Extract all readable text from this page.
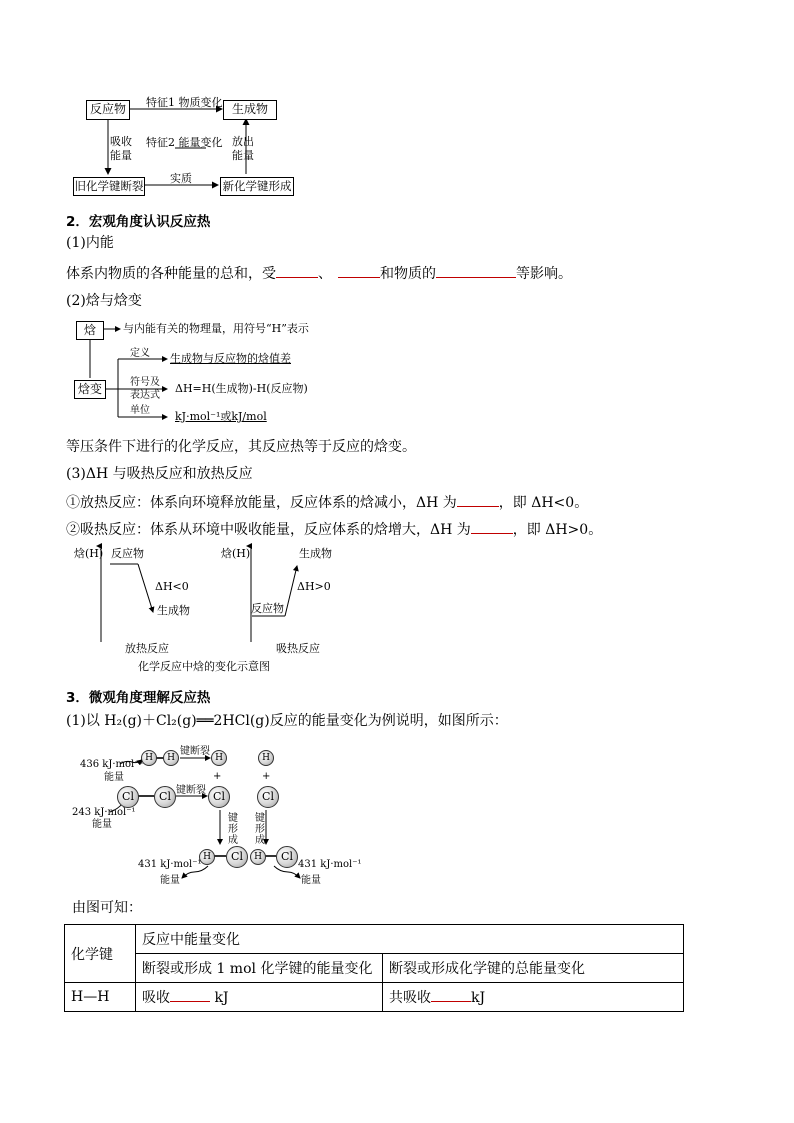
反应物	生成物
特征1 物质变化
特征2 能量变化
吸收
能量
放出
能量
旧化学键断裂	新化学键形成
实质
2．宏观角度认识反应热
(1)内能
体系内物质的各种能量的总和，受	、	和物质的	等影响。
(2)焓与焓变
焓	与内能有关的物理量，用符号“H”表示
焓变
定义 生成物与反应物的焓值差
符号及
表达式
ΔH=H(生成物)-H(反应物)
单位 kJ·mol⁻¹或kJ/mol
等压条件下进行的化学反应，其反应热等于反应的焓变。
(3)ΔH 与吸热反应和放热反应
①放热反应：体系向环境释放能量，反应体系的焓减小，ΔH 为	，即 ΔH<0。
②吸热反应：体系从环境中吸收能量，反应体系的焓增大，ΔH 为	，即 ΔH>0。
焓(H) 反应物
ΔH<0
生成物
放热反应
焓(H)	生成物
ΔH>0
反应物
吸热反应
化学反应中焓的变化示意图
3．微观角度理解反应热
(1)以 H₂(g)＋Cl₂(g)══2HCl(g)反应的能量变化为例说明，如图所示：
H	H	H	H
+	+
Cl	Cl	Cl	Cl
H	Cl	H	Cl
436 kJ·mol⁻¹
能量
243 kJ·mol⁻¹
能量
键断裂
键断裂
键
形
成
键
形
成
431 kJ·mol⁻¹
能量
431 kJ·mol⁻¹
能量
由图可知：
化学键	反应中能量变化	
	断裂或形成 1 mol 化学键的能量变化	断裂或形成化学键的总能量变化
H—H	吸收 kJ	共吸收 kJ
